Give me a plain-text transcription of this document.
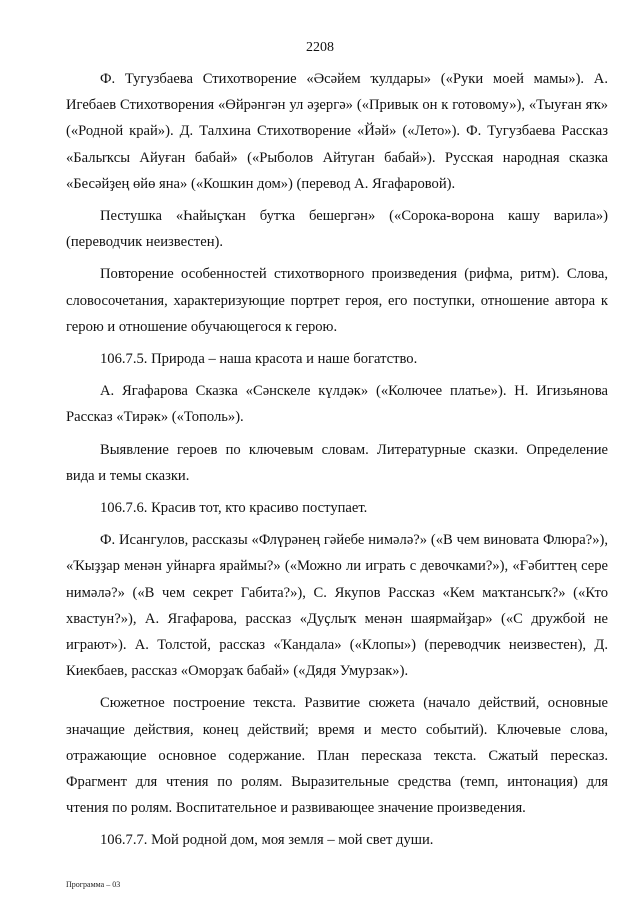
2208

Ф. Тугузбаева Стихотворение «Әсәйем ҡулдары» («Руки моей мамы»). А. Игебаев Стихотворения «Өйрәнгән ул әҙергә» («Привык он к готовому»), «Тыуған яҡ» («Родной край»). Д. Талхина Стихотворение «Йәй» («Лето»). Ф. Тугузбаева Рассказ «Балыҡсы Айуған бабай» («Рыболов Айтуган бабай»). Русская народная сказка «Бесәйҙең өйө яна» («Кошкин дом») (перевод А. Ягафаровой).

Пестушка «Һайыҫҡан бутҡа бешергән» («Сорока-ворона кашу варила») (переводчик неизвестен).

Повторение особенностей стихотворного произведения (рифма, ритм). Слова, словосочетания, характеризующие портрет героя, его поступки, отношение автора к герою и отношение обучающегося к герою.

106.7.5. Природа – наша красота и наше богатство.

А. Ягафарова Сказка «Сәнскеле күлдәк» («Колючее платье»). Н. Игизьянова Рассказ «Тирәк» («Тополь»).

Выявление героев по ключевым словам. Литературные сказки. Определение вида и темы сказки.

106.7.6. Красив тот, кто красиво поступает.

Ф. Исангулов, рассказы «Флүрәнең гәйебе нимәлә?» («В чем виновата Флюра?»), «Ҡыҙҙар менән уйнарға яраймы?» («Можно ли играть с девочками?»), «Ғәбиттең сере нимәлә?» («В чем секрет Габита?»), С. Якупов Рассказ «Кем маҡтансыҡ?» («Кто хвастун?»), А. Ягафарова, рассказ «Дуҫлыҡ менән шаярмайҙар» («С дружбой не играют»). А. Толстой, рассказ «Ҡандала» («Клопы») (переводчик неизвестен), Д. Киекбаев, рассказ «Оморҙаҡ бабай» («Дядя Умурзак»).

Сюжетное построение текста. Развитие сюжета (начало действий, основные значащие действия, конец действий; время и место событий). Ключевые слова, отражающие основное содержание. План пересказа текста. Сжатый пересказ. Фрагмент для чтения по ролям. Выразительные средства (темп, интонация) для чтения по ролям. Воспитательное и развивающее значение произведения.

106.7.7. Мой родной дом, моя земля – мой свет души.

Программа – 03
